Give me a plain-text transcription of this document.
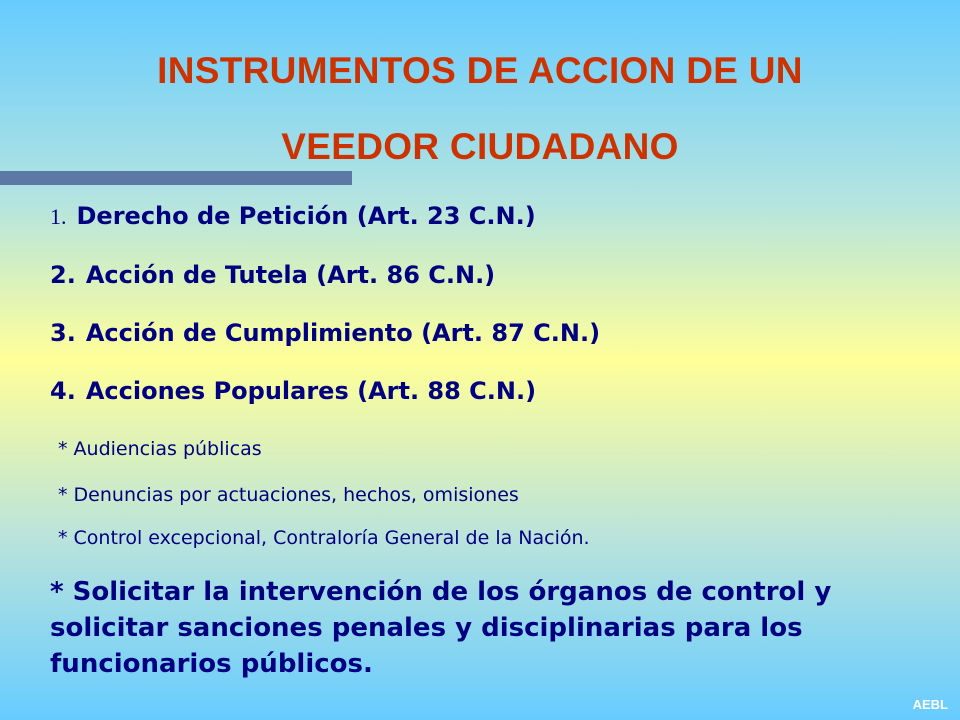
INSTRUMENTOS DE ACCION DE UN
VEEDOR CIUDADANO
1. Derecho de Petición (Art. 23 C.N.)
2. Acción de Tutela (Art. 86 C.N.)
3. Acción de Cumplimiento (Art. 87 C.N.)
4. Acciones Populares (Art. 88 C.N.)
* Audiencias públicas
* Denuncias por actuaciones, hechos, omisiones
* Control excepcional, Contraloría General de la Nación.
* Solicitar la intervención de los órganos de control y solicitar sanciones penales y disciplinarias para los funcionarios públicos.
AEBL
